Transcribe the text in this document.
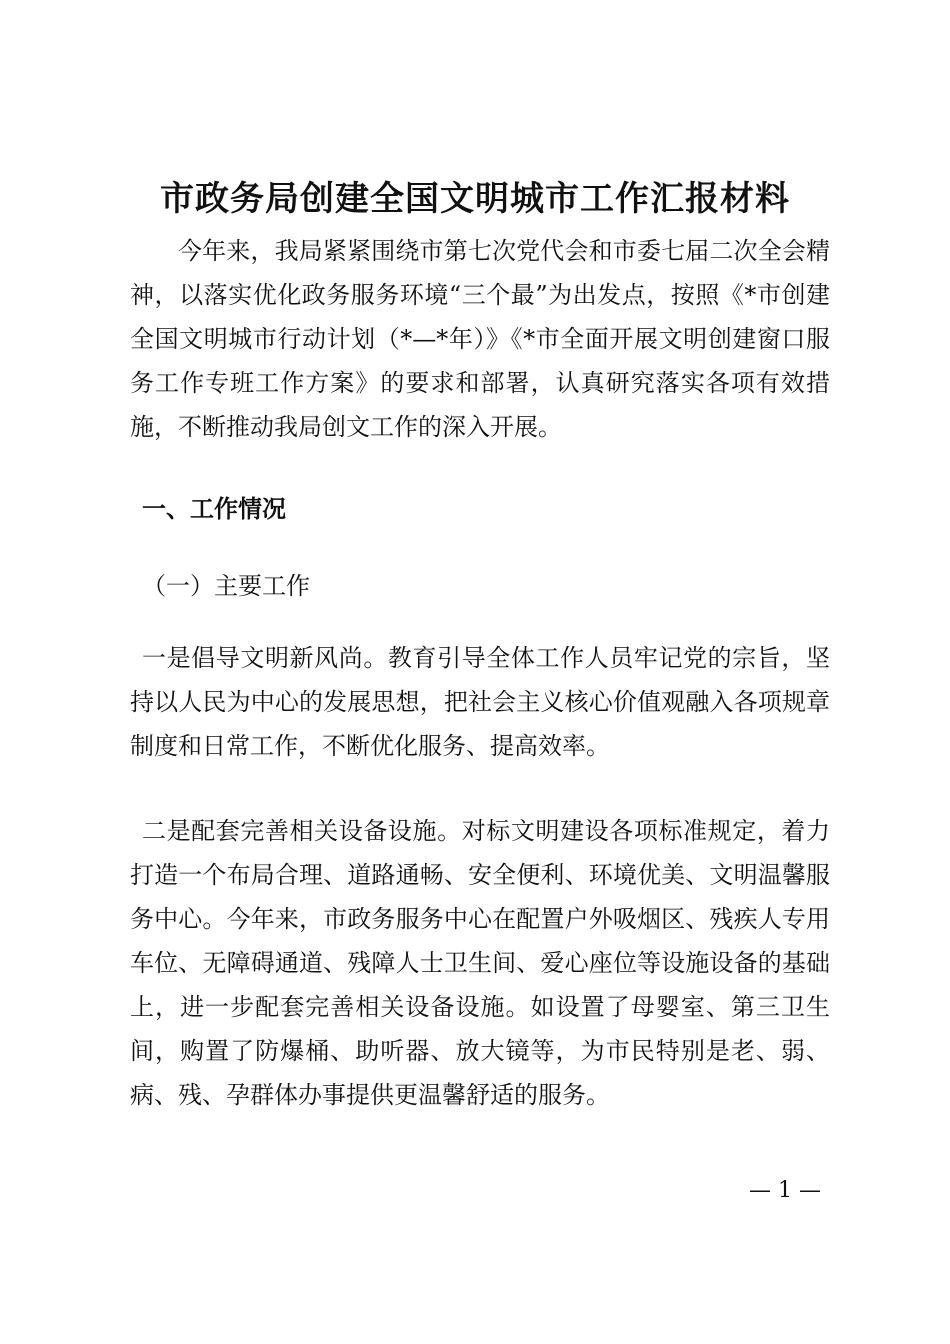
市政务局创建全国文明城市工作汇报材料
今年来，我局紧紧围绕市第七次党代会和市委七届二次全会精神，以落实优化政务服务环境“三个最”为出发点，按照《*市创建全国文明城市行动计划（*—*年）》《*市全面开展文明创建窗口服务工作专班工作方案》的要求和部署，认真研究落实各项有效措施，不断推动我局创文工作的深入开展。
一、工作情况
（一）主要工作
一是倡导文明新风尚。教育引导全体工作人员牢记党的宗旨，坚持以人民为中心的发展思想，把社会主义核心价值观融入各项规章制度和日常工作，不断优化服务、提高效率。
二是配套完善相关设备设施。对标文明建设各项标准规定，着力打造一个布局合理、道路通畅、安全便利、环境优美、文明温馨服务中心。今年来，市政务服务中心在配置户外吸烟区、残疾人专用车位、无障碍通道、残障人士卫生间、爱心座位等设施设备的基础上，进一步配套完善相关设备设施。如设置了母婴室、第三卫生间，购置了防爆桶、助听器、放大镜等，为市民特别是老、弱、病、残、孕群体办事提供更温馨舒适的服务。
— 1 —
